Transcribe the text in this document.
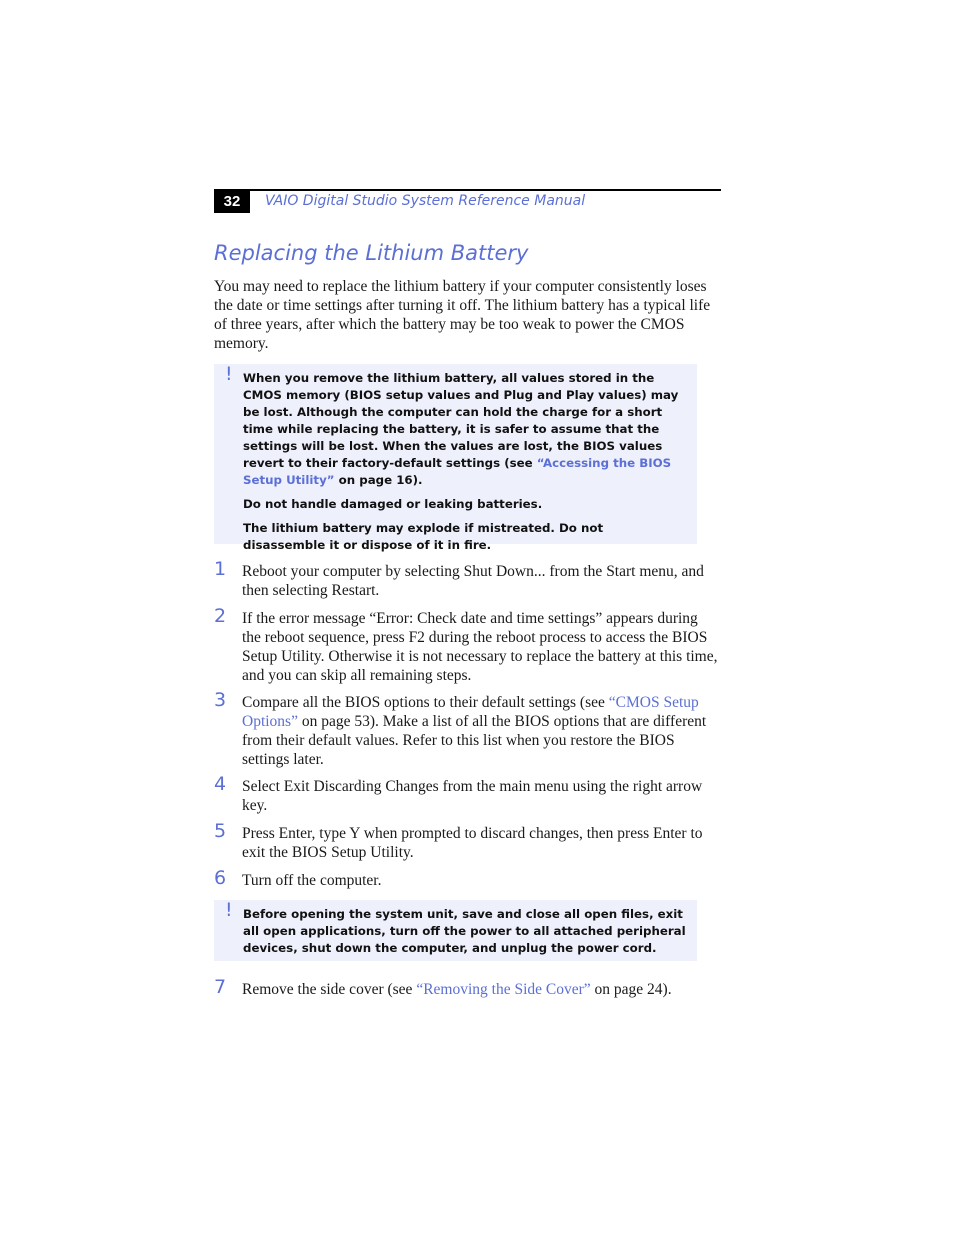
32	VAIO Digital Studio System Reference Manual
Replacing the Lithium Battery

You may need to replace the lithium battery if your computer consistently loses the date or time settings after turning it off. The lithium battery has a typical life of three years, after which the battery may be too weak to power the CMOS memory.

! When you remove the lithium battery, all values stored in the CMOS memory (BIOS setup values and Plug and Play values) may be lost. Although the computer can hold the charge for a short time while replacing the battery, it is safer to assume that the settings will be lost. When the values are lost, the BIOS values revert to their factory-default settings (see “Accessing the BIOS Setup Utility” on page 16).

Do not handle damaged or leaking batteries.

The lithium battery may explode if mistreated. Do not disassemble it or dispose of it in fire.

1 Reboot your computer by selecting Shut Down... from the Start menu, and then selecting Restart.

2 If the error message “Error: Check date and time settings” appears during the reboot sequence, press F2 during the reboot process to access the BIOS Setup Utility. Otherwise it is not necessary to replace the battery at this time, and you can skip all remaining steps.

3 Compare all the BIOS options to their default settings (see “CMOS Setup Options” on page 53). Make a list of all the BIOS options that are different from their default values. Refer to this list when you restore the BIOS settings later.

4 Select Exit Discarding Changes from the main menu using the right arrow key.

5 Press Enter, type Y when prompted to discard changes, then press Enter to exit the BIOS Setup Utility.

6 Turn off the computer.

! Before opening the system unit, save and close all open files, exit all open applications, turn off the power to all attached peripheral devices, shut down the computer, and unplug the power cord.

7 Remove the side cover (see “Removing the Side Cover” on page 24).
